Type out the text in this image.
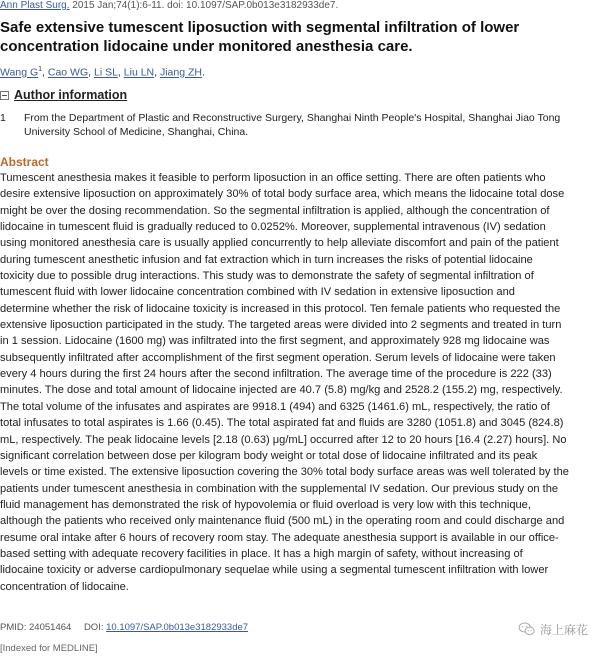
Ann Plast Surg. 2015 Jan;74(1):6-11. doi: 10.1097/SAP.0b013e3182933de7.
Safe extensive tumescent liposuction with segmental infiltration of lower
concentration lidocaine under monitored anesthesia care.
Wang $G^1$, Cao WG, Li SL, Liu LN, Jiang ZH.
Author information
1 From the Department of Plastic and Reconstructive Surgery, Shanghai Ninth People's Hospital, Shanghai Jiao Tong
University School of Medicine, Shanghai, China.
Abstract
Tumescent anesthesia makes it feasible to perform liposuction in an office setting. There are often patients who
desire extensive liposuction on approximately 30% of total body surface area, which means the lidocaine total dose
might be over the dosing recommendation. So the segmental infiltration is applied, although the concentration of
lidocaine in tumescent fluid is gradually reduced to 0.0252%. Moreover, supplemental intravenous (IV) sedation
using monitored anesthesia care is usually applied concurrently to help alleviate discomfort and pain of the patient
during tumescent anesthetic infusion and fat extraction which in turn increases the risks of potential lidocaine
toxicity due to possible drug interactions. This study was to demonstrate the safety of segmental infiltration of
tumescent fluid with lower lidocaine concentration combined with IV sedation in extensive liposuction and
determine whether the risk of lidocaine toxicity is increased in this protocol. Ten female patients who requested the
extensive liposuction participated in the study. The targeted areas were divided into 2 segments and treated in turn
in 1 session. Lidocaine (1600 mg) was infiltrated into the first segment, and approximately 928 mg lidocaine was
subsequently infiltrated after accomplishment of the first segment operation. Serum levels of lidocaine were taken
every 4 hours during the first 24 hours after the second infiltration. The average time of the procedure is 222 (33)
minutes. The dose and total amount of lidocaine injected are 40.7 (5.8) mg/kg and 2528.2 (155.2) mg, respectively.
The total volume of the infusates and aspirates are 9918.1 (494) and 6325 (1461.6) mL, respectively, the ratio of
total infusates to total aspirates is 1.66 (0.45). The total aspirated fat and fluids are 3280 (1051.8) and 3045 (824.8)
mL, respectively. The peak lidocaine levels [2.18 (0.63) μg/mL] occurred after 12 to 20 hours [16.4 (2.27) hours]. No
significant correlation between dose per kilogram body weight or total dose of lidocaine infiltrated and its peak
levels or time existed. The extensive liposuction covering the 30% total body surface areas was well tolerated by the
patients under tumescent anesthesia in combination with the supplemental IV sedation. Our previous study on the
fluid management has demonstrated the risk of hypovolemia or fluid overload is very low with this technique,
although the patients who received only maintenance fluid (500 mL) in the operating room and could discharge and
resume oral intake after 6 hours of recovery room stay. The adequate anesthesia support is available in our office-
based setting with adequate recovery facilities in place. It has a high margin of safety, without increasing of
lidocaine toxicity or adverse cardiopulmonary sequelae while using a segmental tumescent infiltration with lower
concentration of lidocaine.
PMID: 24051464 DOI: 10.1097/SAP.0b013e3182933de7
[Indexed for MEDLINE]
海上麻花
